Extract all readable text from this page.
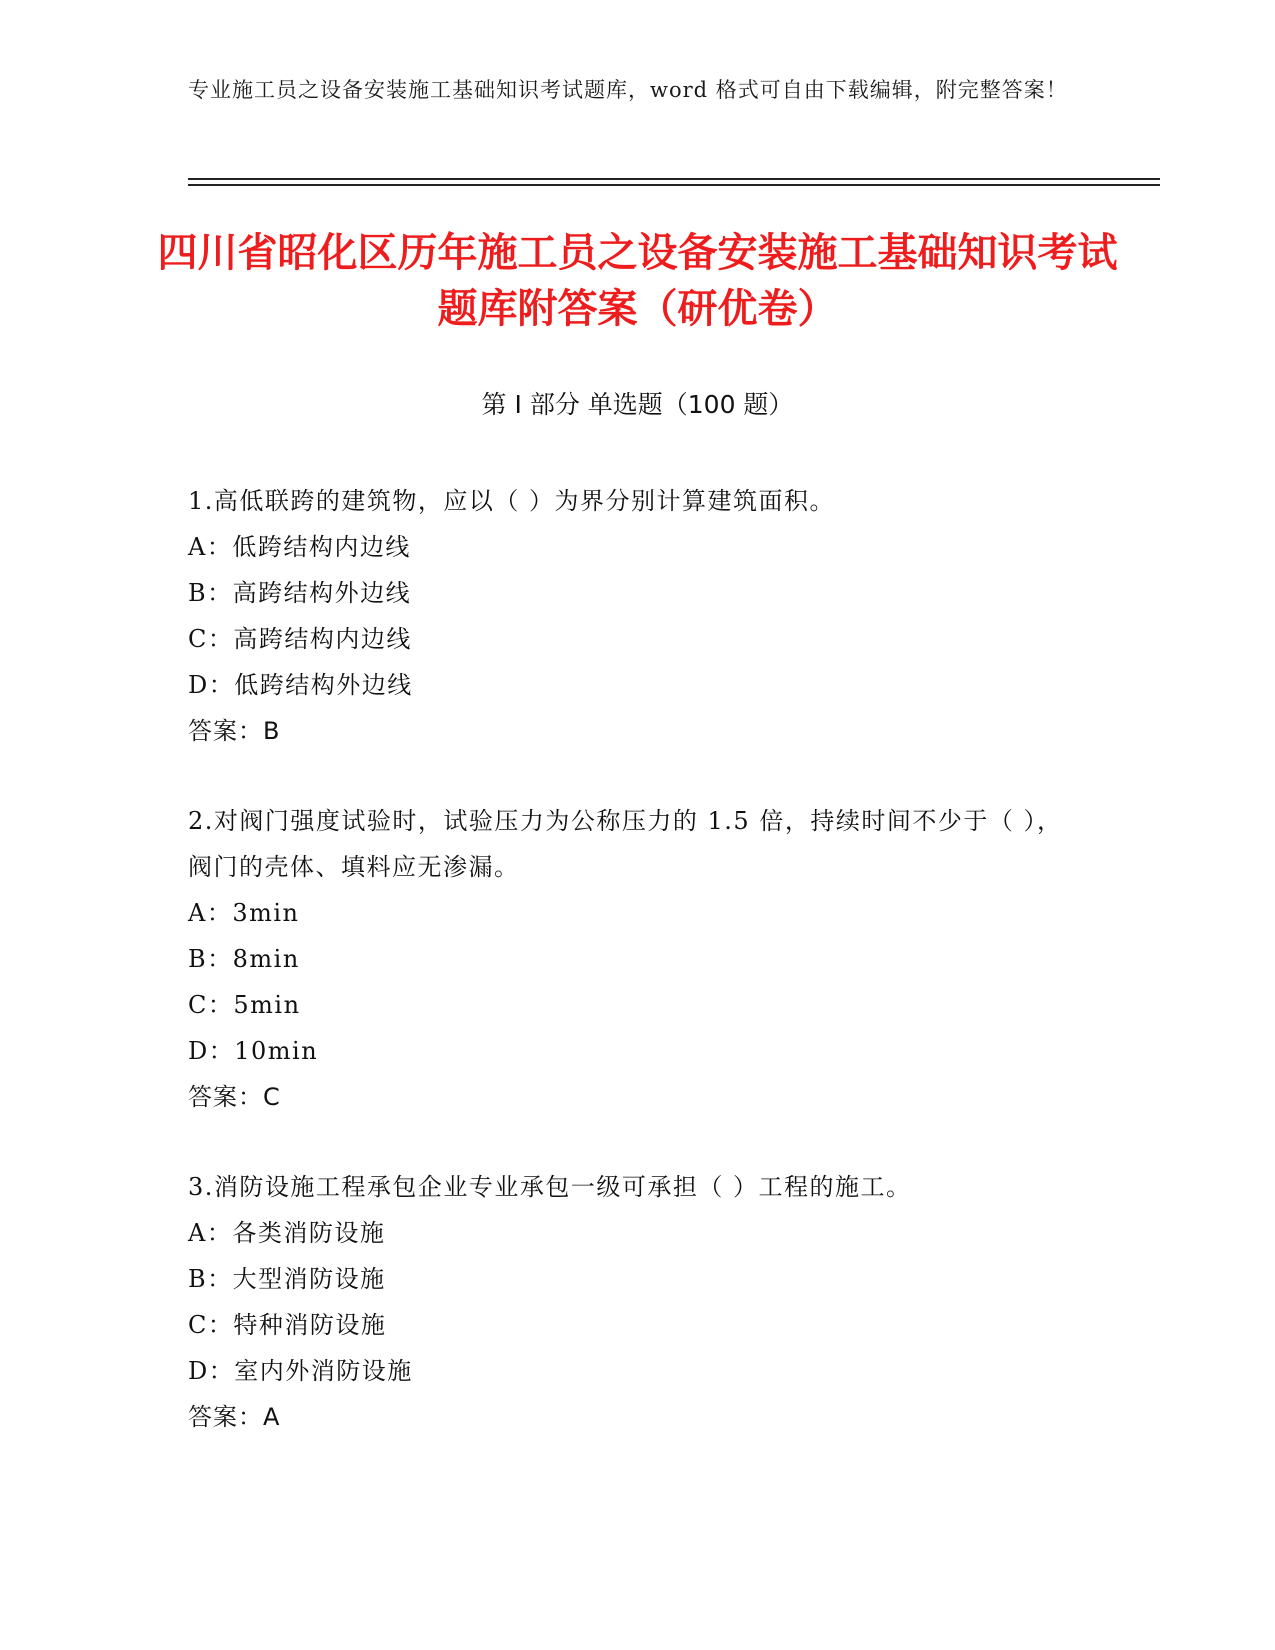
专业施工员之设备安装施工基础知识考试题库，word 格式可自由下载编辑，附完整答案！
四川省昭化区历年施工员之设备安装施工基础知识考试题库附答案（研优卷）
第 I 部分 单选题（100 题）
1.高低联跨的建筑物，应以（ ）为界分别计算建筑面积。
A：低跨结构内边线
B：高跨结构外边线
C：高跨结构内边线
D：低跨结构外边线
答案：B
2.对阀门强度试验时，试验压力为公称压力的 1.5 倍，持续时间不少于（ ），阀门的壳体、填料应无渗漏。
A：3min
B：8min
C：5min
D：10min
答案：C
3.消防设施工程承包企业专业承包一级可承担（ ）工程的施工。
A：各类消防设施
B：大型消防设施
C：特种消防设施
D：室内外消防设施
答案：A
